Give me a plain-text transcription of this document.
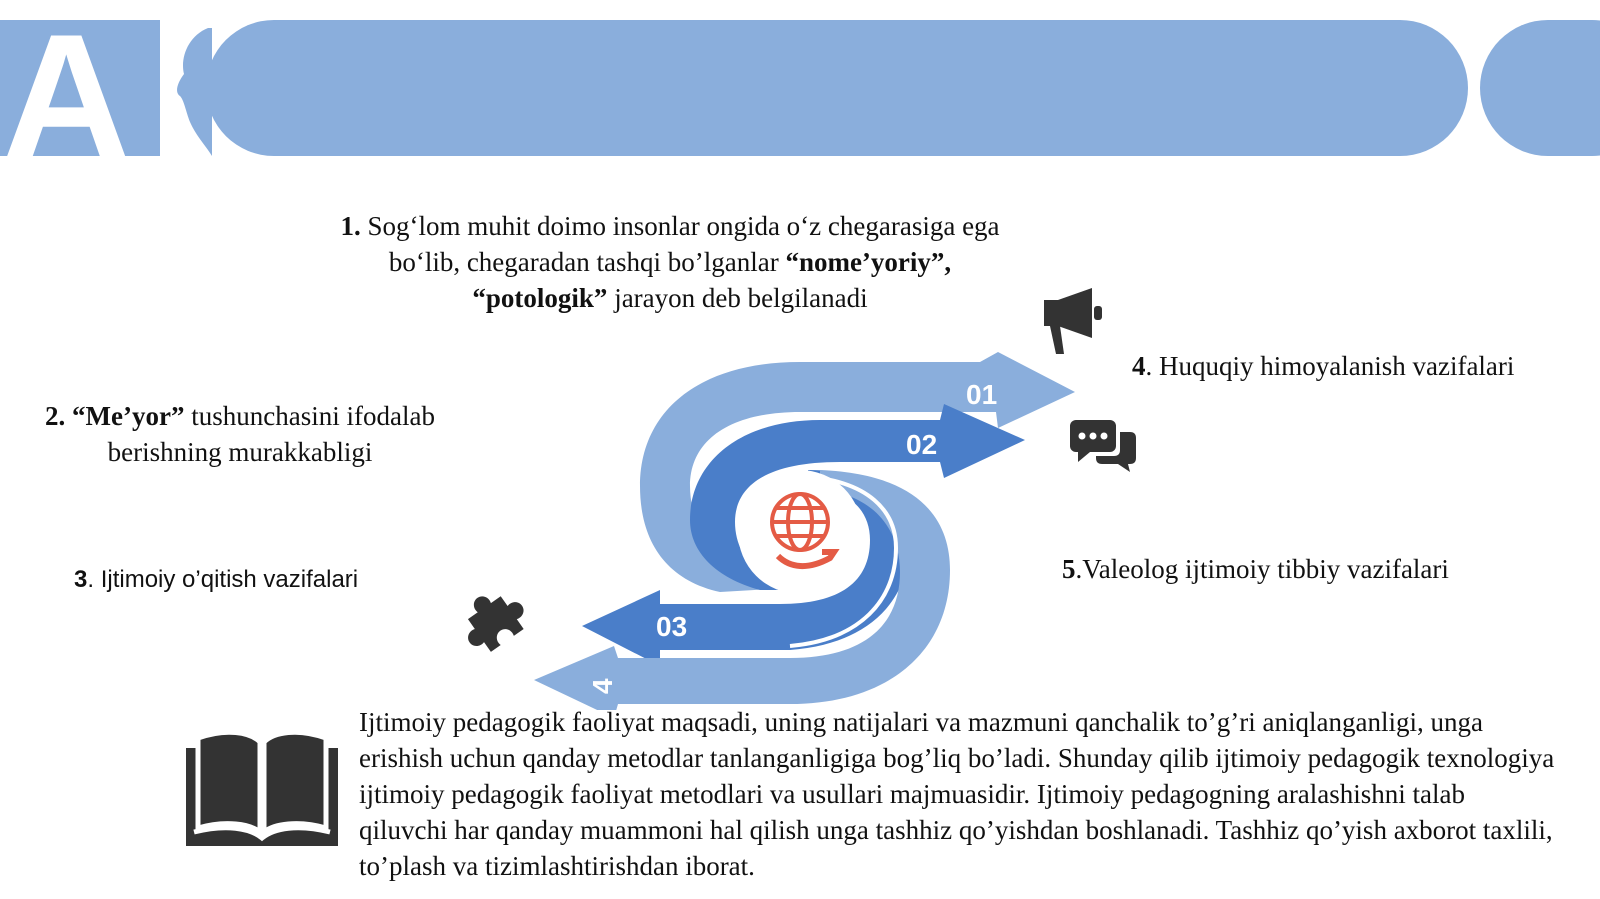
A
1. Sog‘lom muhit doimo insonlar ongida o‘z chegarasiga ega bo‘lib, chegaradan tashqi bo’lganlar “nome’yoriy”, “potologik” jarayon deb belgilanadi
2. “Me’yor” tushunchasini ifodalab berishning murakkabligi
3. Ijtimoiy o’qitish vazifalari
4. Huquqiy himoyalanish vazifalari
5.Valeolog ijtimoiy tibbiy vazifalari
01
02
03
4
Ijtimoiy pedagogik faoliyat maqsadi, uning natijalari va mazmuni qanchalik to’g’ri aniqlanganligi, unga erishish uchun qanday metodlar tanlanganligiga bog’liq bo’ladi. Shunday qilib ijtimoiy pedagogik texnologiya ijtimoiy pedagogik faoliyat metodlari va usullari majmuasidir. Ijtimoiy pedagogning aralashishni talab qiluvchi har qanday muammoni hal qilish unga tashhiz qo’yishdan boshlanadi. Tashhiz qo’yish axborot taxlili, to’plash va tizimlashtirishdan iborat.
